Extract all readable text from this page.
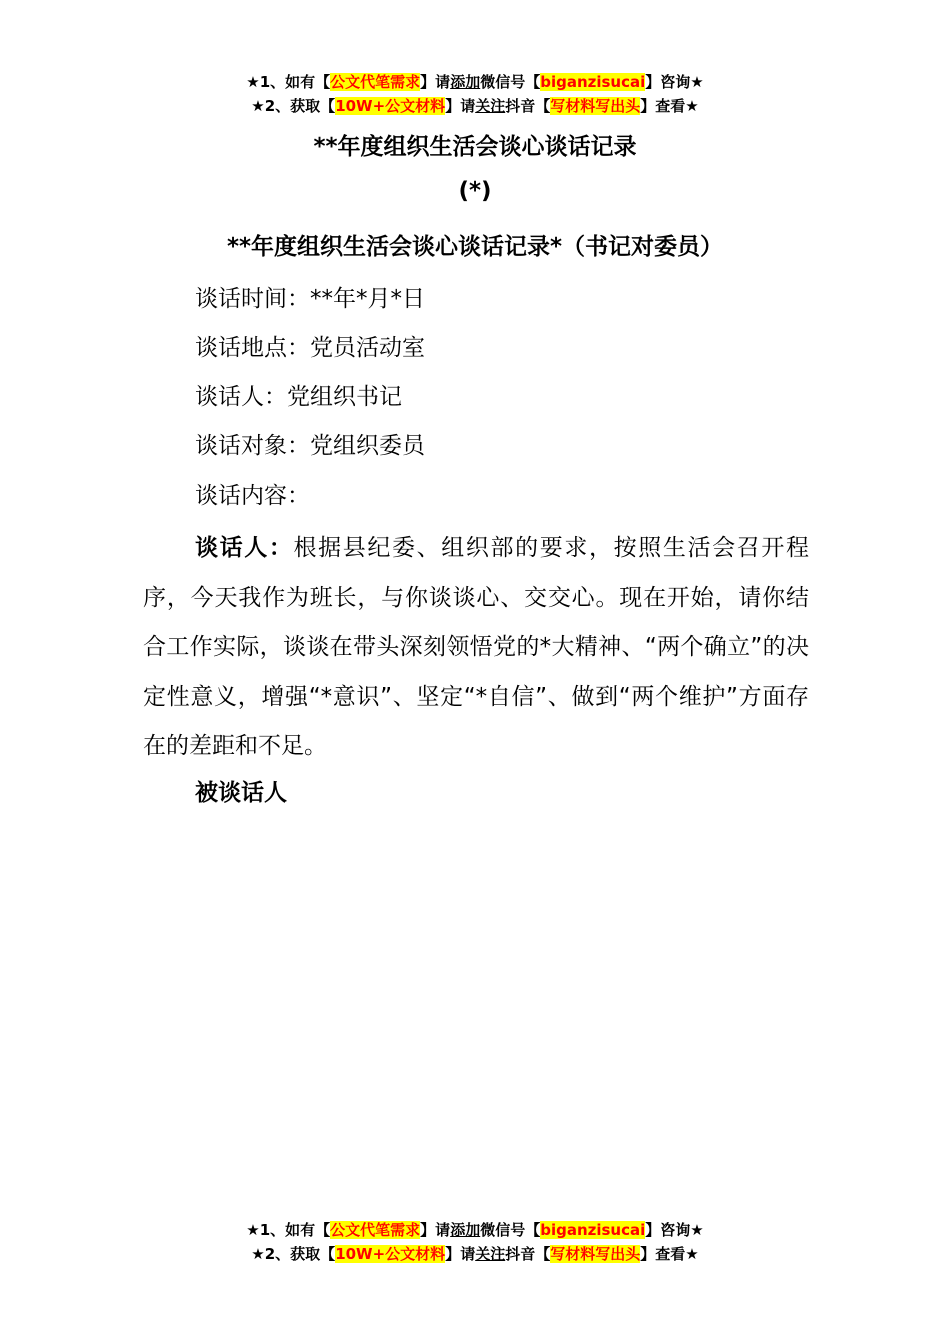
★1、如有【公文代笔需求】请添加微信号【biganzisucai】咨询★
★2、获取【10W+公文材料】请关注抖音【写材料写出头】查看★
**年度组织生活会谈心谈话记录
(*)
**年度组织生活会谈心谈话记录*（书记对委员）
谈话时间：**年*月*日
谈话地点：党员活动室
谈话人：党组织书记
谈话对象：党组织委员
谈话内容：

谈话人：根据县纪委、组织部的要求，按照生活会召开程序，今天我作为班长，与你谈谈心、交交心。现在开始，请你结合工作实际，谈谈在带头深刻领悟党的*大精神、“两个确立”的决定性意义，增强“*意识”、坚定“*自信”、做到“两个维护”方面存在的差距和不足。

被谈话人
★1、如有【公文代笔需求】请添加微信号【biganzisucai】咨询★
★2、获取【10W+公文材料】请关注抖音【写材料写出头】查看★
